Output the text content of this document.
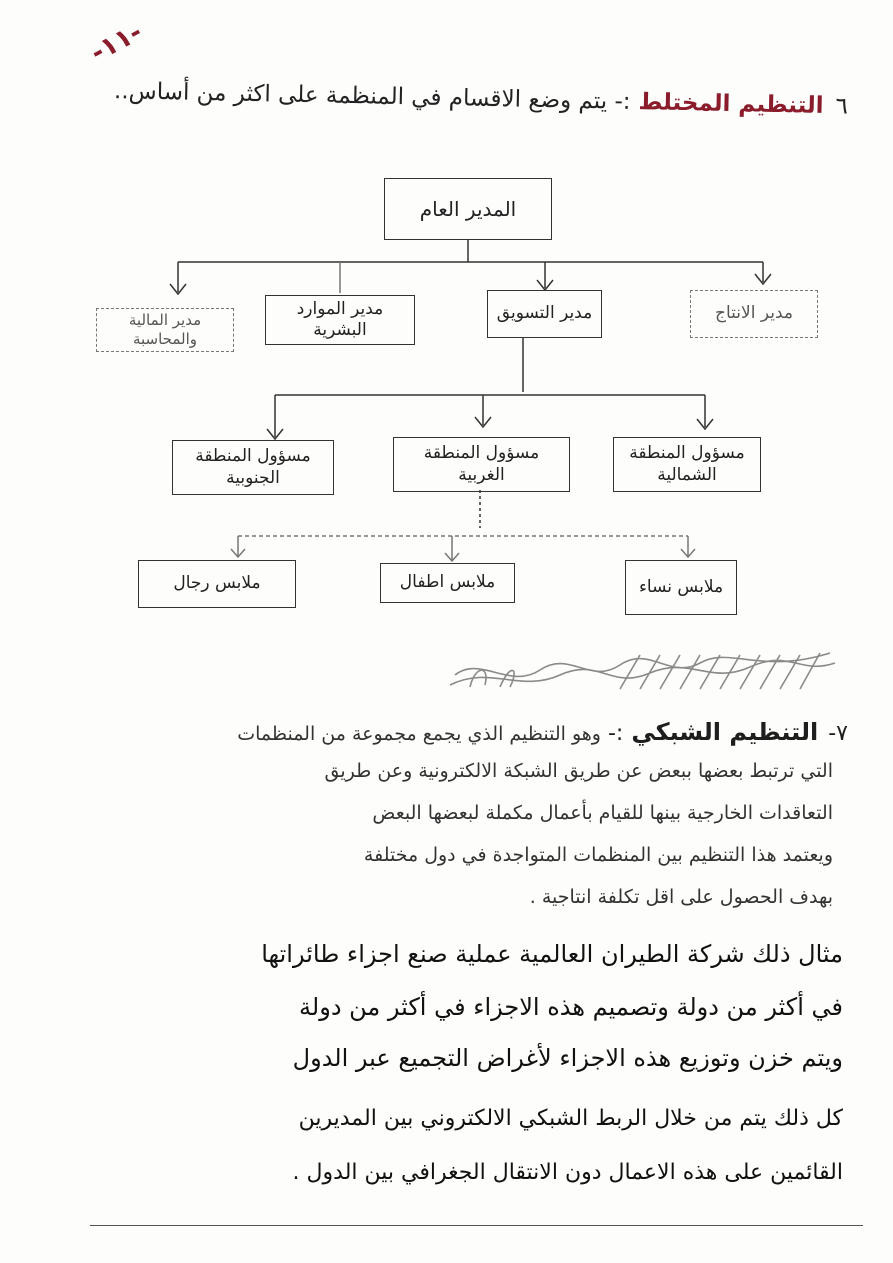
-١١-
٦التنظيم المختلط:- يتم وضع الاقسام في المنظمة على اكثر من أساس..
المدير العام
مدير الانتاج
مدير التسويق
مدير الموارد البشرية
مدير المالية والمحاسبة
مسؤول المنطقة الشمالية
مسؤول المنطقة الغربية
مسؤول المنطقة الجنوبية
ملابس نساء
ملابس اطفال
ملابس رجال
٧-التنظيم الشبكي:- وهو التنظيم الذي يجمع مجموعة من المنظمات
التي ترتبط بعضها ببعض عن طريق الشبكة الالكترونية وعن طريق
التعاقدات الخارجية بينها للقيام بأعمال مكملة لبعضها البعض
ويعتمد هذا التنظيم بين المنظمات المتواجدة في دول مختلفة
بهدف الحصول على اقل تكلفة انتاجية .
مثال ذلك شركة الطيران العالمية عملية صنع اجزاء طائراتها
في أكثر من دولة وتصميم هذه الاجزاء في أكثر من دولة
ويتم خزن وتوزيع هذه الاجزاء لأغراض التجميع عبر الدول
كل ذلك يتم من خلال الربط الشبكي الالكتروني بين المديرين
القائمين على هذه الاعمال دون الانتقال الجغرافي بين الدول .
